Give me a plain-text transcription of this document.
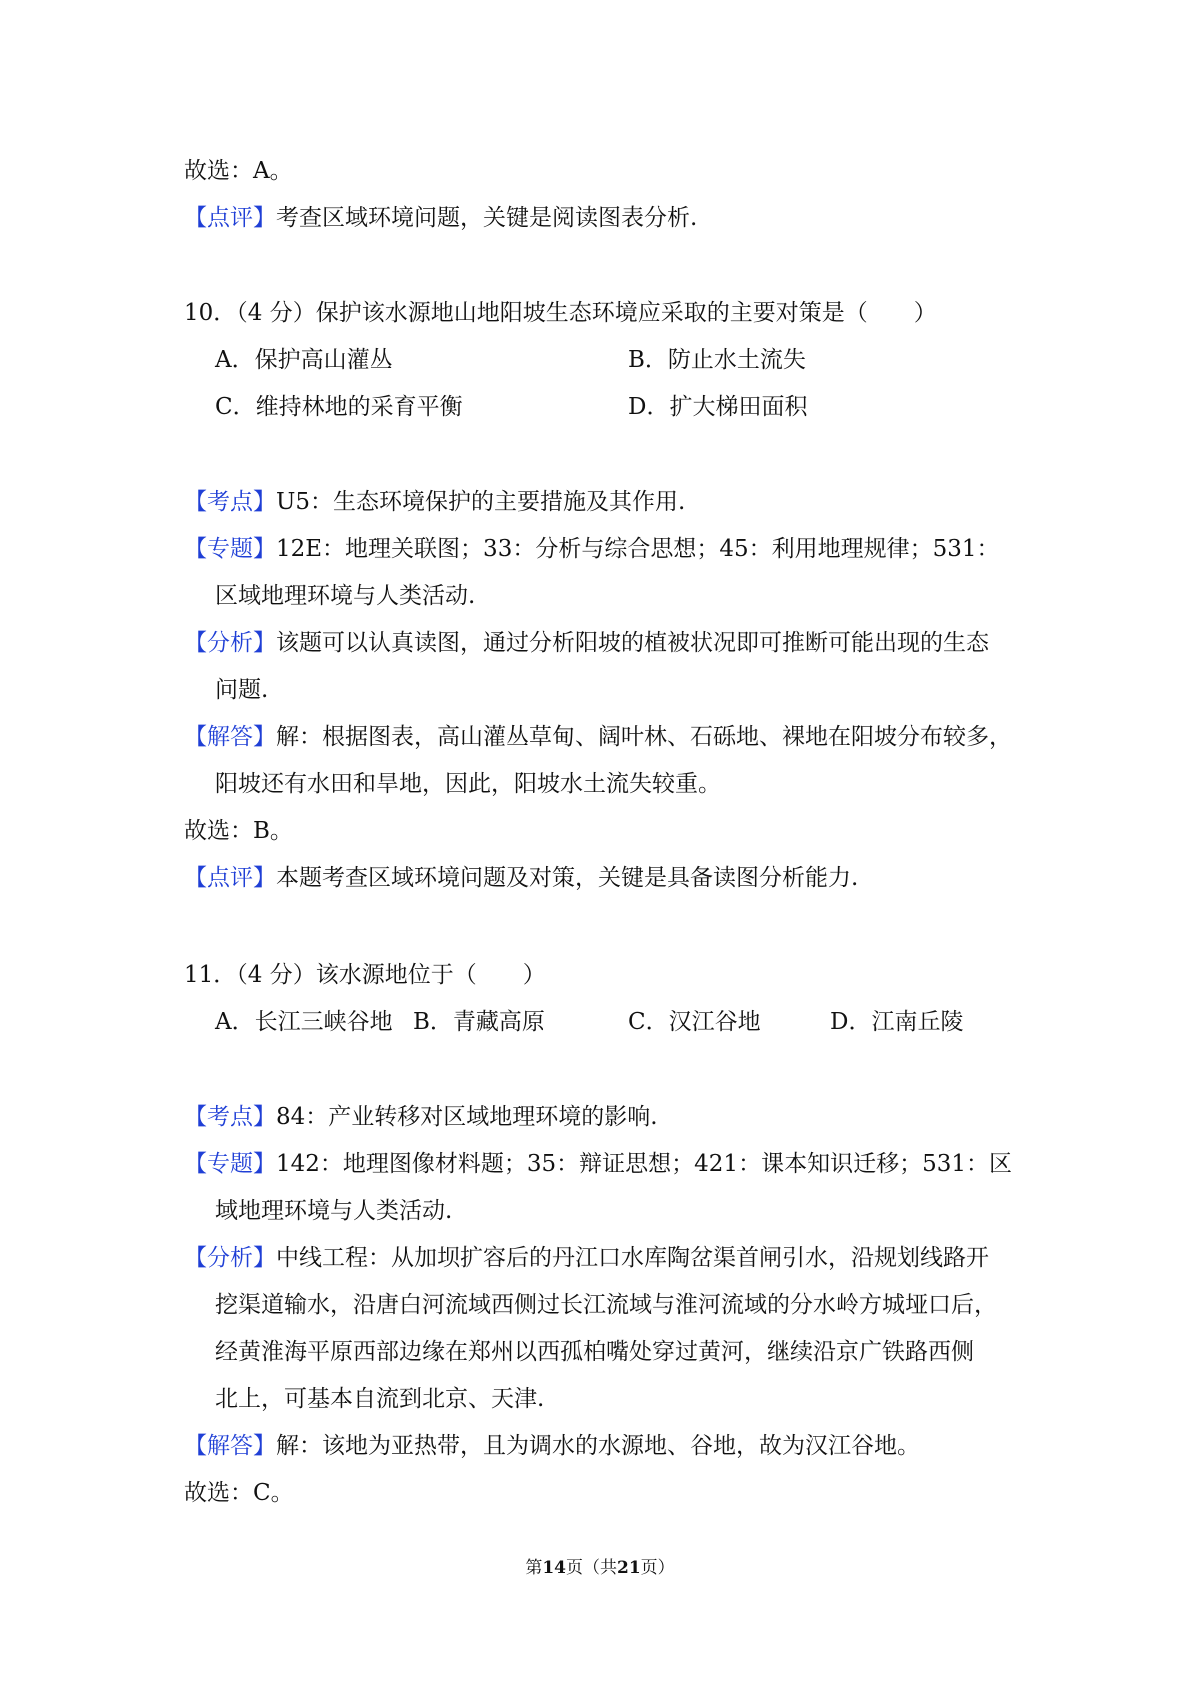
故选：A。
【点评】考查区域环境问题，关键是阅读图表分析.
10．（4 分）保护该水源地山地阳坡生态环境应采取的主要对策是（　　）
A．保护高山灌丛	B．防止水土流失
C．维持林地的采育平衡	D．扩大梯田面积
【考点】U5：生态环境保护的主要措施及其作用.
【专题】12E：地理关联图；33：分析与综合思想；45：利用地理规律；531：
区域地理环境与人类活动.
【分析】该题可以认真读图，通过分析阳坡的植被状况即可推断可能出现的生态
问题.
【解答】解：根据图表，高山灌丛草甸、阔叶林、石砾地、裸地在阳坡分布较多，
阳坡还有水田和旱地，因此，阳坡水土流失较重。
故选：B。
【点评】本题考查区域环境问题及对策，关键是具备读图分析能力.
11．（4 分）该水源地位于（　　）
A．长江三峡谷地 B．青藏高原	C．汉江谷地	D．江南丘陵
【考点】84：产业转移对区域地理环境的影响.
【专题】142：地理图像材料题；35：辩证思想；421：课本知识迁移；531：区
域地理环境与人类活动.
【分析】中线工程：从加坝扩容后的丹江口水库陶岔渠首闸引水，沿规划线路开
挖渠道输水，沿唐白河流域西侧过长江流域与淮河流域的分水岭方城垭口后，
经黄淮海平原西部边缘在郑州以西孤柏嘴处穿过黄河，继续沿京广铁路西侧
北上，可基本自流到北京、天津.
【解答】解：该地为亚热带，且为调水的水源地、谷地，故为汉江谷地。
故选：C。
第14页（共21页）
